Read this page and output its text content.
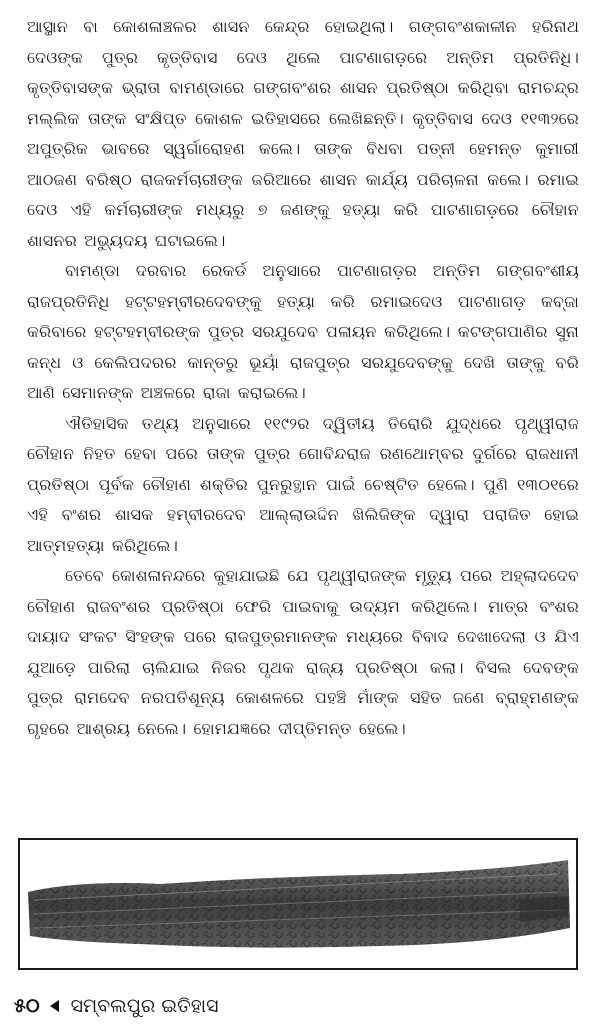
ଆସ୍ଥାନ ବା କୋଶଳାଞ୍ଚଳର ଶାସନ କେନ୍ଦ୍ର ହୋଇଥିଲା। ଗଙ୍ଗବଂଶକାଳୀନ ହରିନାଥ ଦେଓଙ୍କ ପୁତ୍ର କୃତ୍ତିବାସ ଦେଓ ଥିଲେ ପାଟଣାଗଡ଼ରେ ଅନ୍ତିମ ପ୍ରତିନିଧି। କୃତ୍ତିବାସଙ୍କ ଭ୍ରାତା ବାମଣ୍ଡାରେ ଗଙ୍ଗବଂଶର ଶାସନ ପ୍ରତିଷ୍ଠା କରିଥିବା ରାମଚନ୍ଦ୍ର ମଲ୍ଲିକ ତାଙ୍କ ସଂକ୍ଷିପ୍ତ କୋଶଳ ଇତିହାସରେ ଲେଖିଛନ୍ତି। କୃତ୍ତିବାସ ଦେଓ ୧୧୩୨ରେ ଅପୁତ୍ରିକ ଭାବରେ ସ୍ୱର୍ଗାରୋହଣ କଲେ। ତାଙ୍କ ବିଧବା ପତ୍ନୀ ହେମନ୍ତ କୁମାରୀ ଆଠଜଣ ବରିଷ୍ଠ ରାଜକର୍ମଚାରୀଙ୍କ ଜରିଆରେ ଶାସନ କାର୍ଯ୍ୟ ପରିଚାଳନା କଲେ। ରମାଇ ଦେଓ ଏହି କର୍ମଚାରୀଙ୍କ ମଧ୍ୟରୁ ୭ ଜଣଙ୍କୁ ହତ୍ୟା କରି ପାଟଣାଗଡ଼ରେ ଚୌହାନ ଶାସନର ଅଭ୍ୟୁଦୟ ଘଟାଇଲେ।

ବାମଣ୍ଡା ଦରବାର ରେକର୍ଡ ଅନୁସାରେ ପାଟଣାଗଡ଼ର ଅନ୍ତିମ ଗଙ୍ଗବଂଶୀୟ ରାଜପ୍ରତିନିଧି ହଟ୍ଟହମ୍ବୀରଦେବଙ୍କୁ ହତ୍ୟା କରି ରମାଇଦେଓ ପାଟଣାଗଡ଼ କବ୍ଜା କରିବାରେ ହଟ୍ଟହମ୍ବୀରଙ୍କ ପୁତ୍ର ସରଯୁଦେବ ପଳାୟନ କରିଥିଲେ। କଟଙ୍ଗପାଣିର ସୁନା କନ୍ଧ ଓ କେଲିପଦରର କାନ୍ତରୁ ଭୂୟାଁ ରାଜପୁତ୍ର ସରଯୁଦେବଙ୍କୁ ଦେଖି ତାଙ୍କୁ ବରି ଆଣି ସେମାନଙ୍କ ଅଞ୍ଚଳରେ ରାଜା କରାଇଲେ।

ଐତିହାସିକ ତଥ୍ୟ ଅନୁସାରେ ୧୧୯୨ର ଦ୍ୱିତୀୟ ତିରୋରି ଯୁଦ୍ଧରେ ପୃଥ୍ୱୀରାଜ ଚୌହାନ ନିହତ ହେବା ପରେ ତାଙ୍କ ପୁତ୍ର ଗୋବିନ୍ଦରାଜ ରଣଥୋମ୍ବର ଦୁର୍ଗରେ ରାଜଧାନୀ ପ୍ରତିଷ୍ଠା ପୂର୍ବକ ଚୌହାଣ ଶକ୍ତିର ପୁନରୁତ୍ଥାନ ପାଇଁ ଚେଷ୍ଟିତ ହେଲେ। ପୁଣି ୧୩୦୧ରେ ଏହି ବଂଶର ଶାସକ ହମ୍ବୀରଦେବ ଆଲ୍ଲାଉଦ୍ଦିନ ଖିଲିଜିଙ୍କ ଦ୍ୱାରା ପରାଜିତ ହୋଇ ଆତ୍ମହତ୍ୟା କରିଥିଲେ।

ତେବେ କୋଶଳାନନ୍ଦରେ କୁହାଯାଇଛି ଯେ ପୃଥ୍ୱୀରାଜଙ୍କ ମୃତ୍ୟୁ ପରେ ଅହ୍ଲାଦଦେବ ଚୌହାଣ ରାଜବଂଶର ପ୍ରତିଷ୍ଠା ଫେରି ପାଇବାକୁ ଉଦ୍ୟମ କରିଥିଲେ। ମାତ୍ର ବଂଶର ଦାୟାଦ ସଂକଟ ସିଂହଙ୍କ ପରେ ରାଜପୁତ୍ରମାନଙ୍କ ମଧ୍ୟରେ ବିବାଦ ଦେଖାଦେଲା ଓ ଯିଏ ଯୁଆଡ଼େ ପାରିଲା ଚାଲିଯାଇ ନିଜର ପୃଥକ ରାଜ୍ୟ ପ୍ରତିଷ୍ଠା କଲା। ବିସଲ ଦେବଙ୍କ ପୁତ୍ର ରାମଦେବ ନରପତିଶୂନ୍ୟ କୋଶଳରେ ପହଞ୍ଚି ମାଁଙ୍କ ସହିତ ଜଣେ ବ୍ରାହ୍ମଣଙ୍କ ଗୃହରେ ଆଶ୍ରୟ ନେଲେ। ହୋମଯଜ୍ଞରେ ଦୀପ୍ତିମନ୍ତ ହେଲେ।

୫୦ ସମ୍ବଲପୁର ଇତିହାସ
